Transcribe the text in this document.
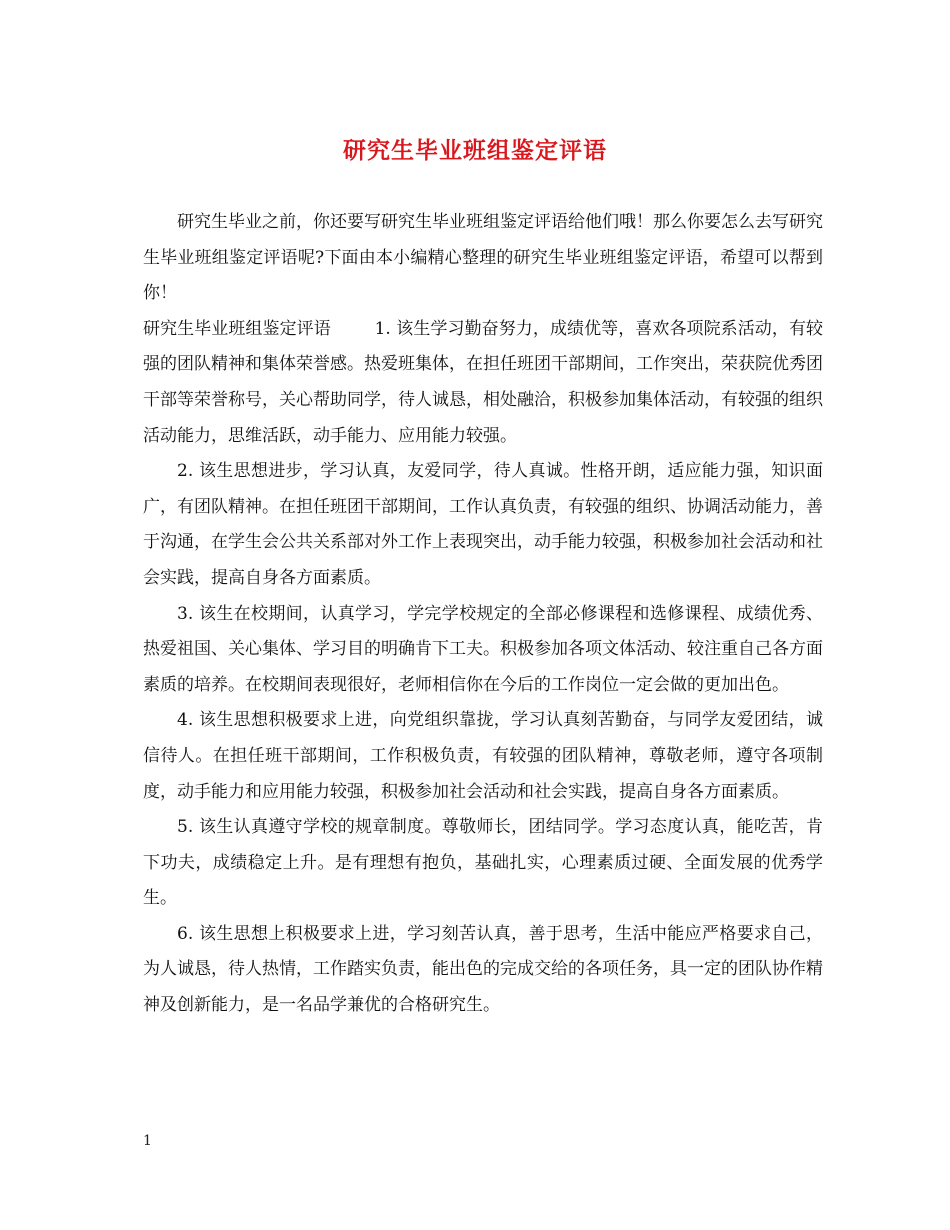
研究生毕业班组鉴定评语

研究生毕业之前，你还要写研究生毕业班组鉴定评语给他们哦！那么你要怎么去写研究生毕业班组鉴定评语呢?下面由本小编精心整理的研究生毕业班组鉴定评语，希望可以帮到你！

研究生毕业班组鉴定评语	1. 该生学习勤奋努力，成绩优等，喜欢各项院系活动，有较强的团队精神和集体荣誉感。热爱班集体，在担任班团干部期间，工作突出，荣获院优秀团干部等荣誉称号，关心帮助同学，待人诚恳，相处融洽，积极参加集体活动，有较强的组织活动能力，思维活跃，动手能力、应用能力较强。

2. 该生思想进步，学习认真，友爱同学，待人真诚。性格开朗，适应能力强，知识面广，有团队精神。在担任班团干部期间，工作认真负责，有较强的组织、协调活动能力，善于沟通，在学生会公共关系部对外工作上表现突出，动手能力较强，积极参加社会活动和社会实践，提高自身各方面素质。

3. 该生在校期间，认真学习，学完学校规定的全部必修课程和选修课程、成绩优秀、热爱祖国、关心集体、学习目的明确肯下工夫。积极参加各项文体活动、较注重自己各方面素质的培养。在校期间表现很好，老师相信你在今后的工作岗位一定会做的更加出色。

4. 该生思想积极要求上进，向党组织靠拢，学习认真刻苦勤奋，与同学友爱团结，诚信待人。在担任班干部期间，工作积极负责，有较强的团队精神，尊敬老师，遵守各项制度，动手能力和应用能力较强，积极参加社会活动和社会实践，提高自身各方面素质。

5. 该生认真遵守学校的规章制度。尊敬师长，团结同学。学习态度认真，能吃苦，肯下功夫，成绩稳定上升。是有理想有抱负，基础扎实，心理素质过硬、全面发展的优秀学生。

6. 该生思想上积极要求上进，学习刻苦认真，善于思考，生活中能应严格要求自己，为人诚恳，待人热情，工作踏实负责，能出色的完成交给的各项任务，具一定的团队协作精神及创新能力，是一名品学兼优的合格研究生。

1
